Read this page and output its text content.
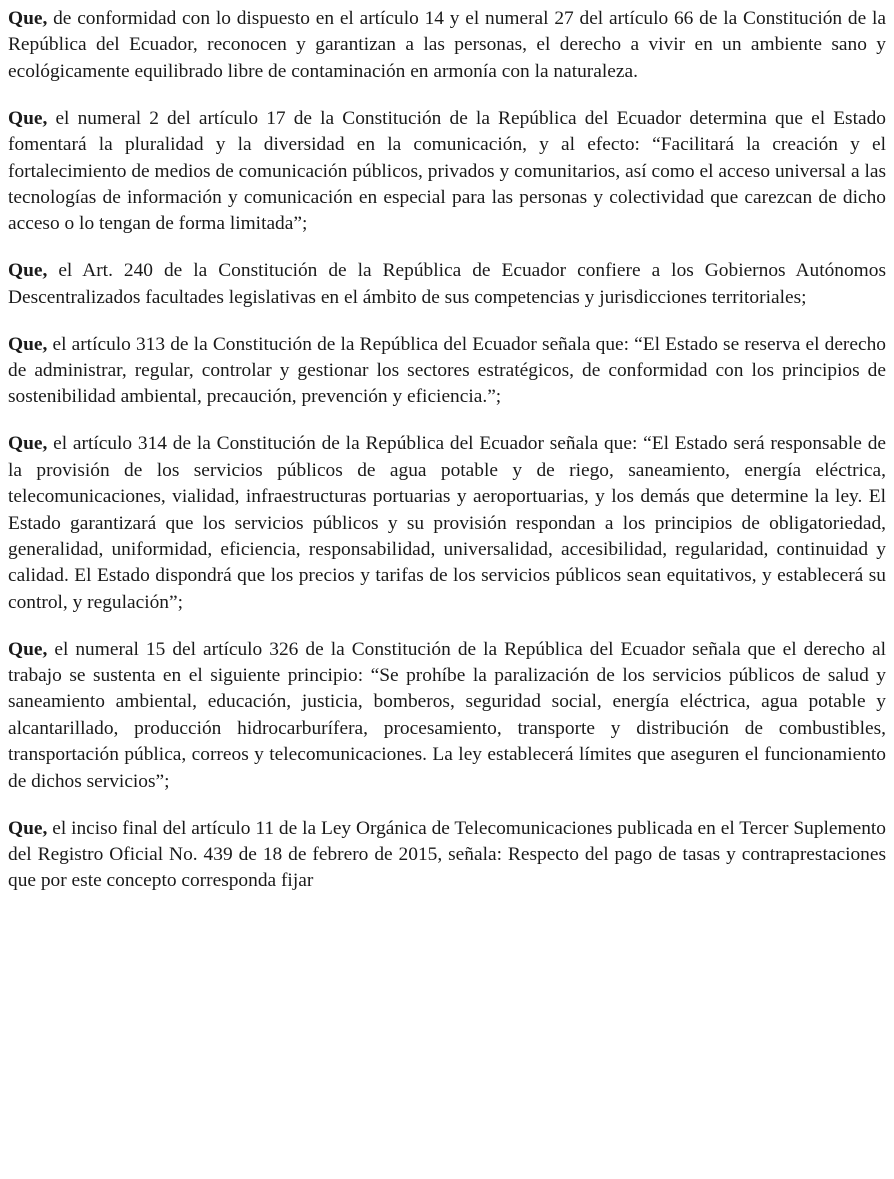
Que, de conformidad con lo dispuesto en el artículo 14 y el numeral 27 del artículo 66 de la Constitución de la República del Ecuador, reconocen y garantizan a las personas, el derecho a vivir en un ambiente sano y ecológicamente equilibrado libre de contaminación en armonía con la naturaleza.

Que, el numeral 2 del artículo 17 de la Constitución de la República del Ecuador determina que el Estado fomentará la pluralidad y la diversidad en la comunicación, y al efecto: “Facilitará la creación y el fortalecimiento de medios de comunicación públicos, privados y comunitarios, así como el acceso universal a las tecnologías de información y comunicación en especial para las personas y colectividad que carezcan de dicho acceso o lo tengan de forma limitada”;

Que, el Art. 240 de la Constitución de la República de Ecuador confiere a los Gobiernos Autónomos Descentralizados facultades legislativas en el ámbito de sus competencias y jurisdicciones territoriales;

Que, el artículo 313 de la Constitución de la República del Ecuador señala que: “El Estado se reserva el derecho de administrar, regular, controlar y gestionar los sectores estratégicos, de conformidad con los principios de sostenibilidad ambiental, precaución, prevención y eficiencia.”;

Que, el artículo 314 de la Constitución de la República del Ecuador señala que: “El Estado será responsable de la provisión de los servicios públicos de agua potable y de riego, saneamiento, energía eléctrica, telecomunicaciones, vialidad, infraestructuras portuarias y aeroportuarias, y los demás que determine la ley. El Estado garantizará que los servicios públicos y su provisión respondan a los principios de obligatoriedad, generalidad, uniformidad, eficiencia, responsabilidad, universalidad, accesibilidad, regularidad, continuidad y calidad. El Estado dispondrá que los precios y tarifas de los servicios públicos sean equitativos, y establecerá su control, y regulación”;

Que, el numeral 15 del artículo 326 de la Constitución de la República del Ecuador señala que el derecho al trabajo se sustenta en el siguiente principio: “Se prohíbe la paralización de los servicios públicos de salud y saneamiento ambiental, educación, justicia, bomberos, seguridad social, energía eléctrica, agua potable y alcantarillado, producción hidrocarburífera, procesamiento, transporte y distribución de combustibles, transportación pública, correos y telecomunicaciones. La ley establecerá límites que aseguren el funcionamiento de dichos servicios”;

Que, el inciso final del artículo 11 de la Ley Orgánica de Telecomunicaciones publicada en el Tercer Suplemento del Registro Oficial No. 439 de 18 de febrero de 2015, señala: Respecto del pago de tasas y contraprestaciones que por este concepto corresponda fijar
